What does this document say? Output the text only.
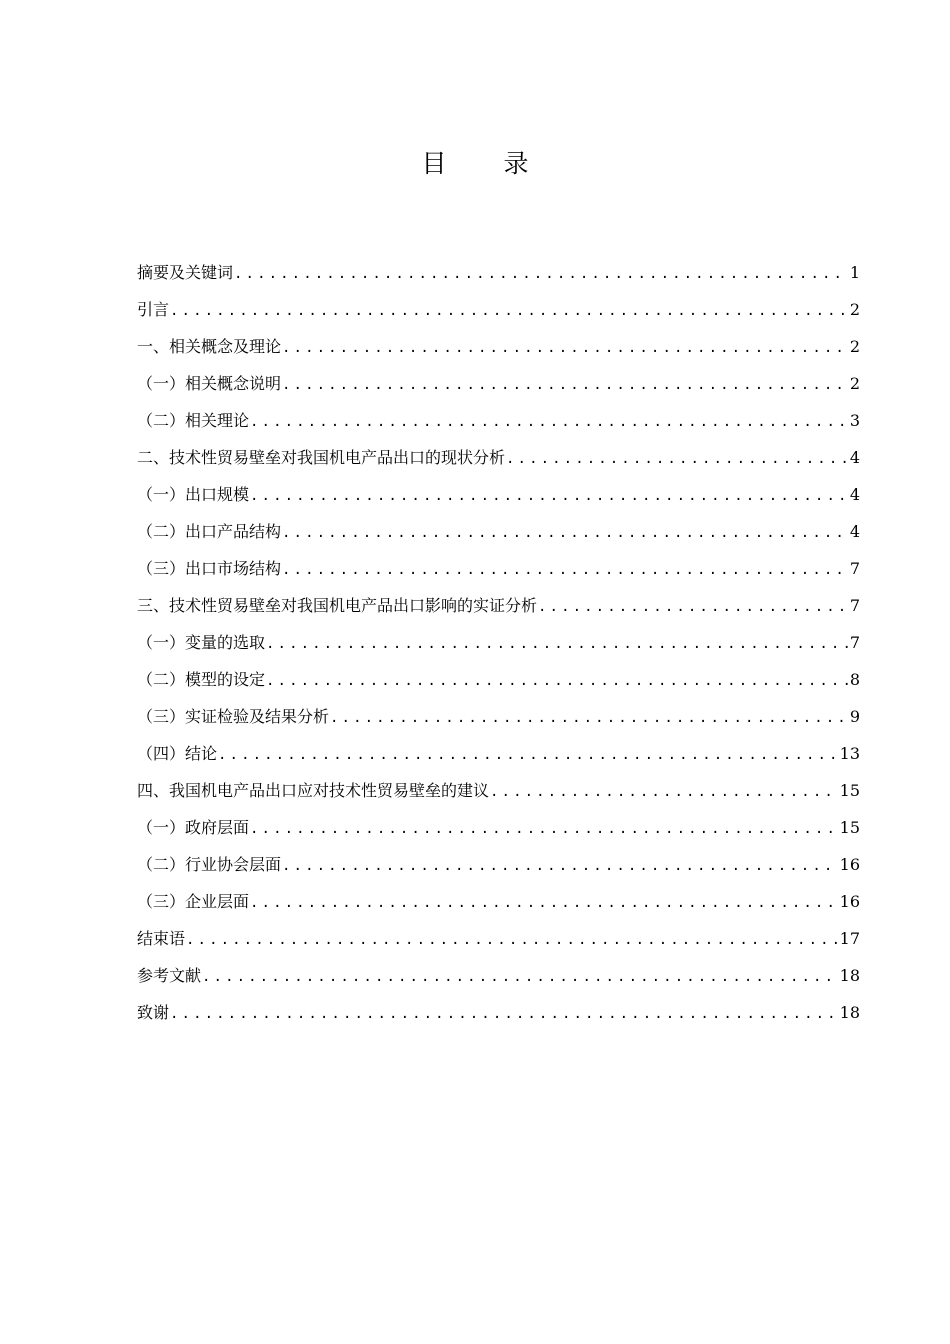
目 录
摘要及关键词 .....	1
引言 .....	2
一、相关概念及理论 .....	2
（一）相关概念说明 .....	2
（二）相关理论 .....	3
二、技术性贸易壁垒对我国机电产品出口的现状分析 .....	4
（一）出口规模 .....	4
（二）出口产品结构 .....	4
（三）出口市场结构 .....	7
三、技术性贸易壁垒对我国机电产品出口影响的实证分析 .....	7
（一）变量的选取 .....	7
（二）模型的设定 .....	8
（三）实证检验及结果分析 .....	9
（四）结论 .....	13
四、我国机电产品出口应对技术性贸易壁垒的建议 .....	15
（一）政府层面 .....	15
（二）行业协会层面 .....	16
（三）企业层面 .....	16
结束语 .....	17
参考文献 .....	18
致谢 .....	18
